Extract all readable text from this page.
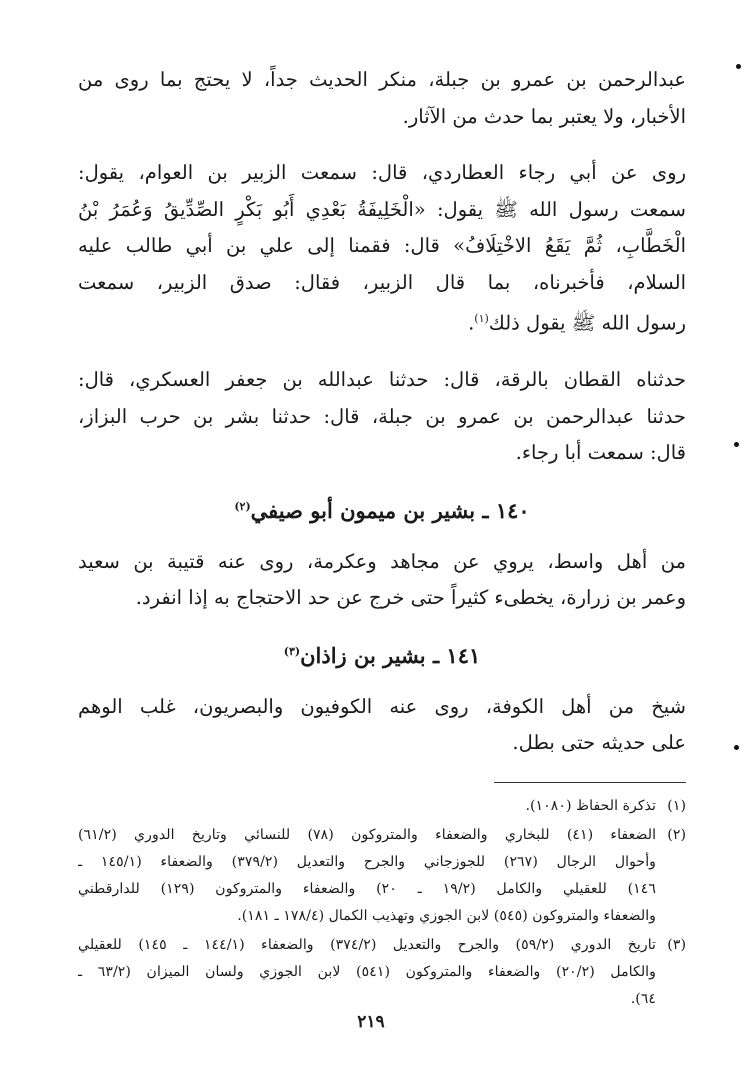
عبدالرحمن بن عمرو بن جبلة، منكر الحديث جداً، لا يحتج بما روى من
الأخبار، ولا يعتبر بما حدث من الآثار.

روى عن أبي رجاء العطاردي، قال: سمعت الزبير بن العوام، يقول:
سمعت رسول الله ﷺ يقول: «الْخَلِيفَةُ بَعْدِي أَبُو بَكْرٍ الصِّدِّيقُ وَعُمَرُ بْنُ
الْخَطَّابِ، ثُمَّ يَقَعُ الاخْتِلَافُ» قال: فقمنا إلى علي بن أبي طالب عليه
السلام، فأخبرناه، بما قال الزبير، فقال: صدق الزبير، سمعت
رسول الله ﷺ يقول ذلك$^{(١)}$.

حدثناه القطان بالرقة، قال: حدثنا عبدالله بن جعفر العسكري، قال:
حدثنا عبدالرحمن بن عمرو بن جبلة، قال: حدثنا بشر بن حرب البزاز،
قال: سمعت أبا رجاء.

١٤٠ ـ بشير بن ميمون أبو صيفي$^{(٢)}$

من أهل واسط، يروي عن مجاهد وعكرمة، روى عنه قتيبة بن سعيد
وعمر بن زرارة، يخطىء كثيراً حتى خرج عن حد الاحتجاج به إذا انفرد.

١٤١ ـ بشير بن زاذان$^{(٣)}$

شيخ من أهل الكوفة، روى عنه الكوفيون والبصريون، غلب الوهم
على حديثه حتى بطل.

(١)
تذكرة الحفاظ (١٠٨٠).
(٢)
الضعفاء (٤١) للبخاري والضعفاء والمتروكون (٧٨) للنسائي وتاريخ الدوري (٦١/٢)
وأحوال الرجال (٢٦٧) للجوزجاني والجرح والتعديل (٣٧٩/٢) والضعفاء (١٤٥/١ ـ
١٤٦) للعقيلي والكامل (١٩/٢ ـ ٢٠) والضعفاء والمتروكون (١٢٩) للدارقطني
والضعفاء والمتروكون (٥٤٥) لابن الجوزي وتهذيب الكمال (١٧٨/٤ ـ ١٨١).
(٣)
تاريخ الدوري (٥٩/٢) والجرح والتعديل (٣٧٤/٢) والضعفاء (١٤٤/١ ـ ١٤٥) للعقيلي
والكامل (٢٠/٢) والضعفاء والمتروكون (٥٤١) لابن الجوزي ولسان الميزان (٦٣/٢ ـ
٦٤).
٢١٩
